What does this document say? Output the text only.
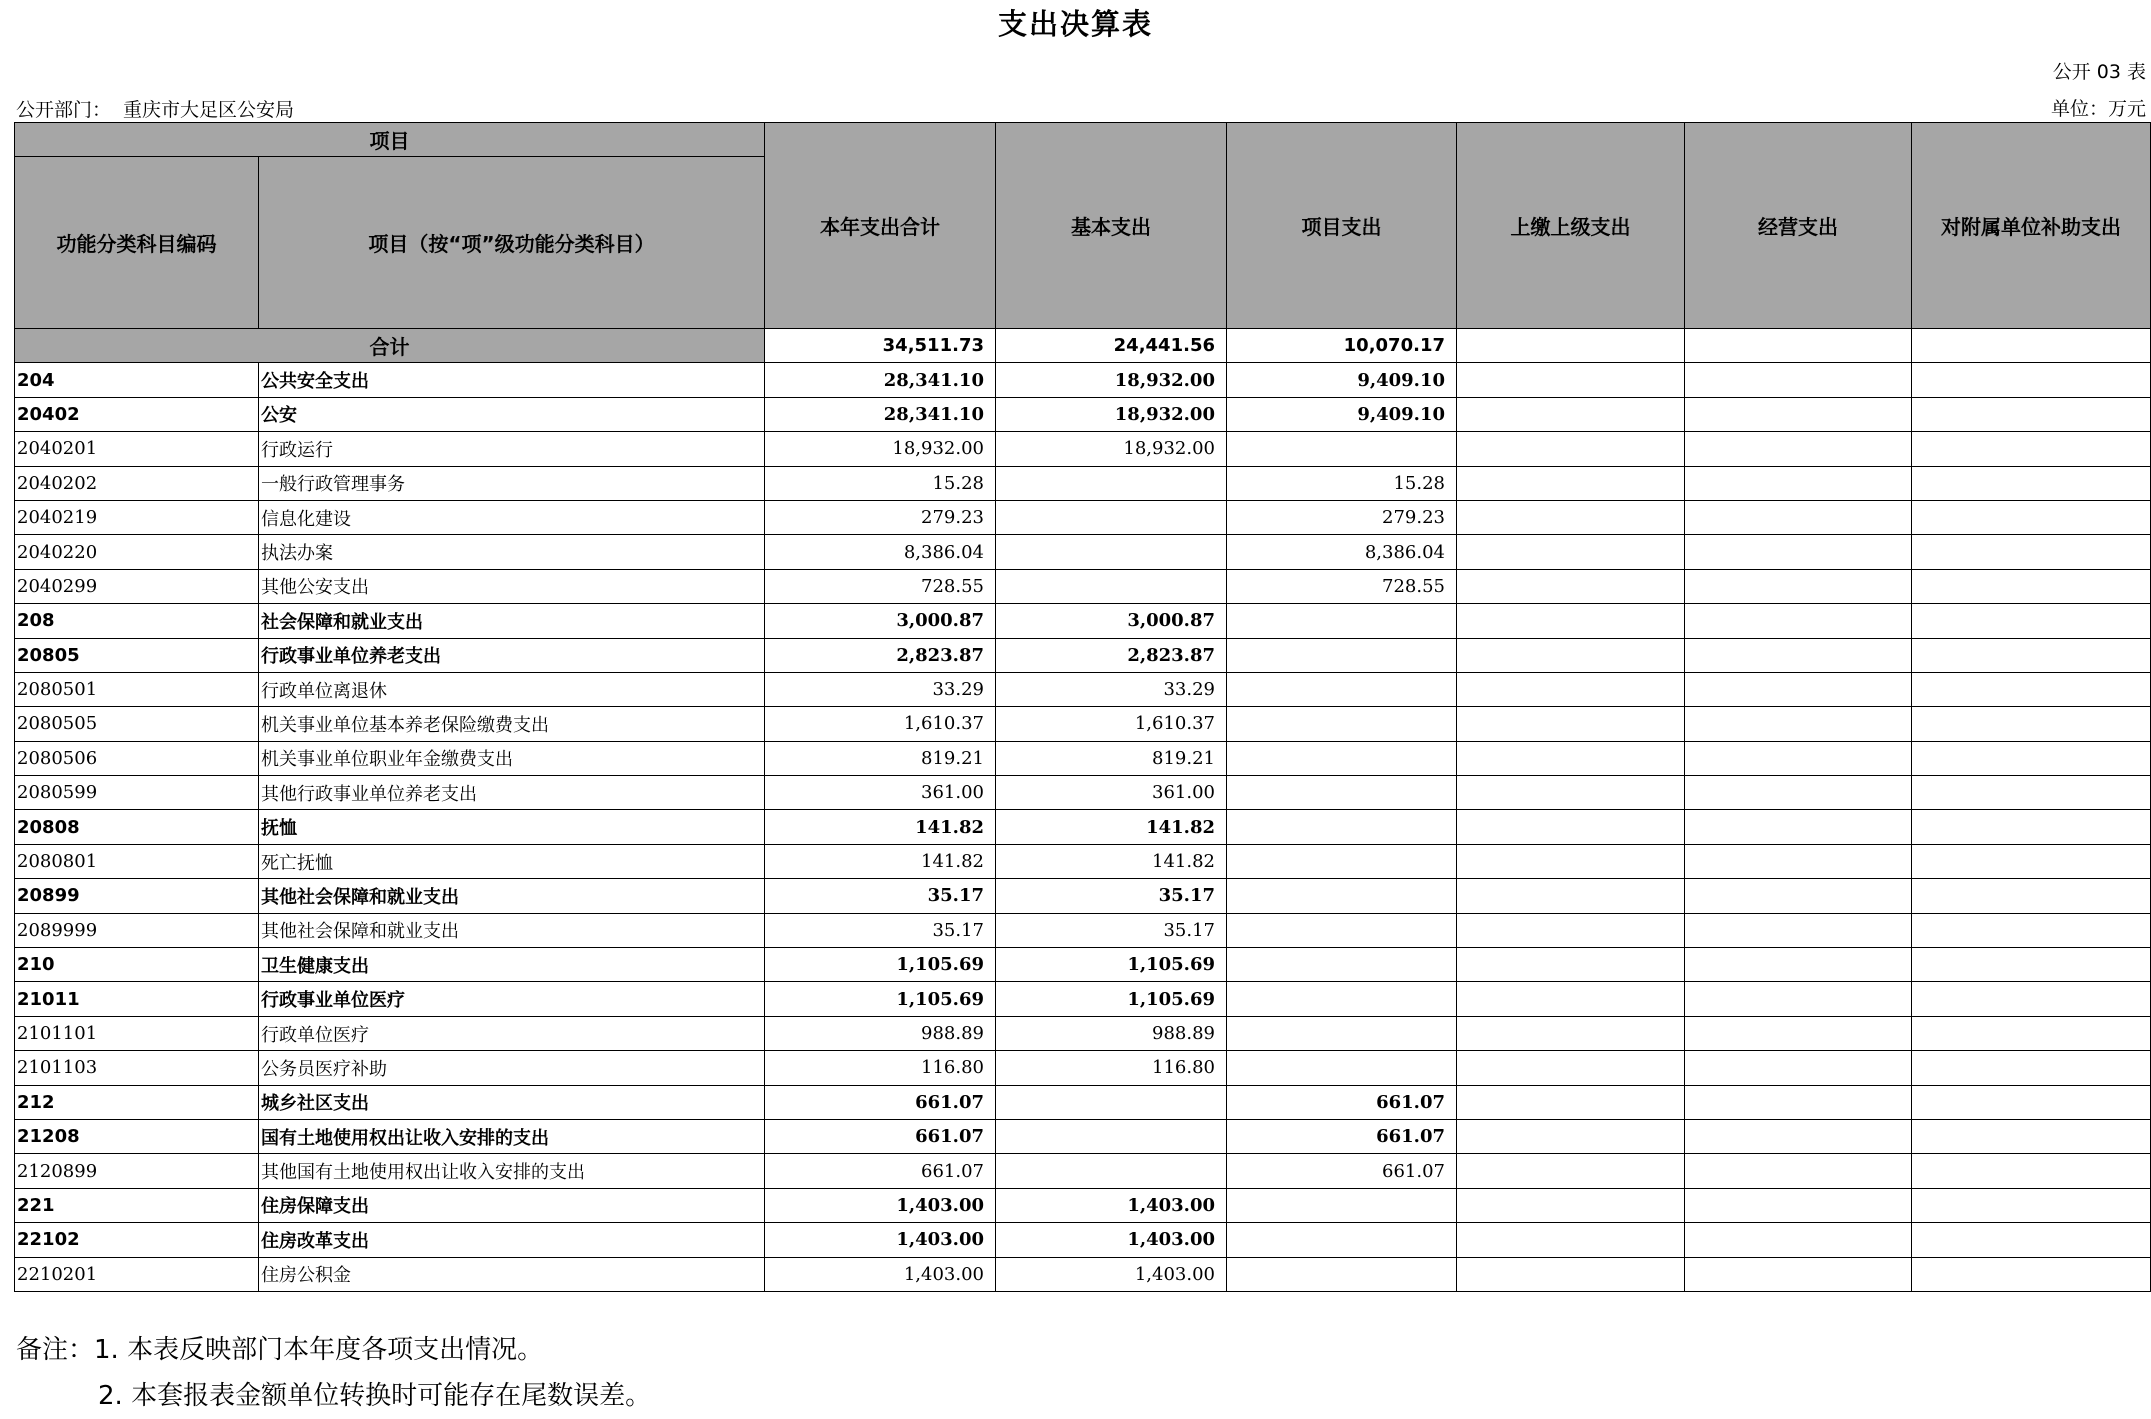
支出决算表
公开 03 表
公开部门： 重庆市大足区公安局	单位：万元
项目		本年支出合计	基本支出	项目支出	上缴上级支出	经营支出	对附属单位补助支出
功能分类科目编码	项目（按“项”级功能分类科目）						
合计		34,511.73	24,441.56	10,070.17			
204	公共安全支出	28,341.10	18,932.00	9,409.10			
20402	公安	28,341.10	18,932.00	9,409.10			
2040201	行政运行	18,932.00	18,932.00				
2040202	一般行政管理事务	15.28		15.28			
2040219	信息化建设	279.23		279.23			
2040220	执法办案	8,386.04		8,386.04			
2040299	其他公安支出	728.55		728.55			
208	社会保障和就业支出	3,000.87	3,000.87				
20805	行政事业单位养老支出	2,823.87	2,823.87				
2080501	行政单位离退休	33.29	33.29				
2080505	机关事业单位基本养老保险缴费支出	1,610.37	1,610.37				
2080506	机关事业单位职业年金缴费支出	819.21	819.21				
2080599	其他行政事业单位养老支出	361.00	361.00				
20808	抚恤	141.82	141.82				
2080801	死亡抚恤	141.82	141.82				
20899	其他社会保障和就业支出	35.17	35.17				
2089999	其他社会保障和就业支出	35.17	35.17				
210	卫生健康支出	1,105.69	1,105.69				
21011	行政事业单位医疗	1,105.69	1,105.69				
2101101	行政单位医疗	988.89	988.89				
2101103	公务员医疗补助	116.80	116.80				
212	城乡社区支出	661.07		661.07			
21208	国有土地使用权出让收入安排的支出	661.07		661.07			
2120899	其他国有土地使用权出让收入安排的支出	661.07		661.07			
221	住房保障支出	1,403.00	1,403.00				
22102	住房改革支出	1,403.00	1,403.00				
2210201	住房公积金	1,403.00	1,403.00				
备注：1. 本表反映部门本年度各项支出情况。
2. 本套报表金额单位转换时可能存在尾数误差。
